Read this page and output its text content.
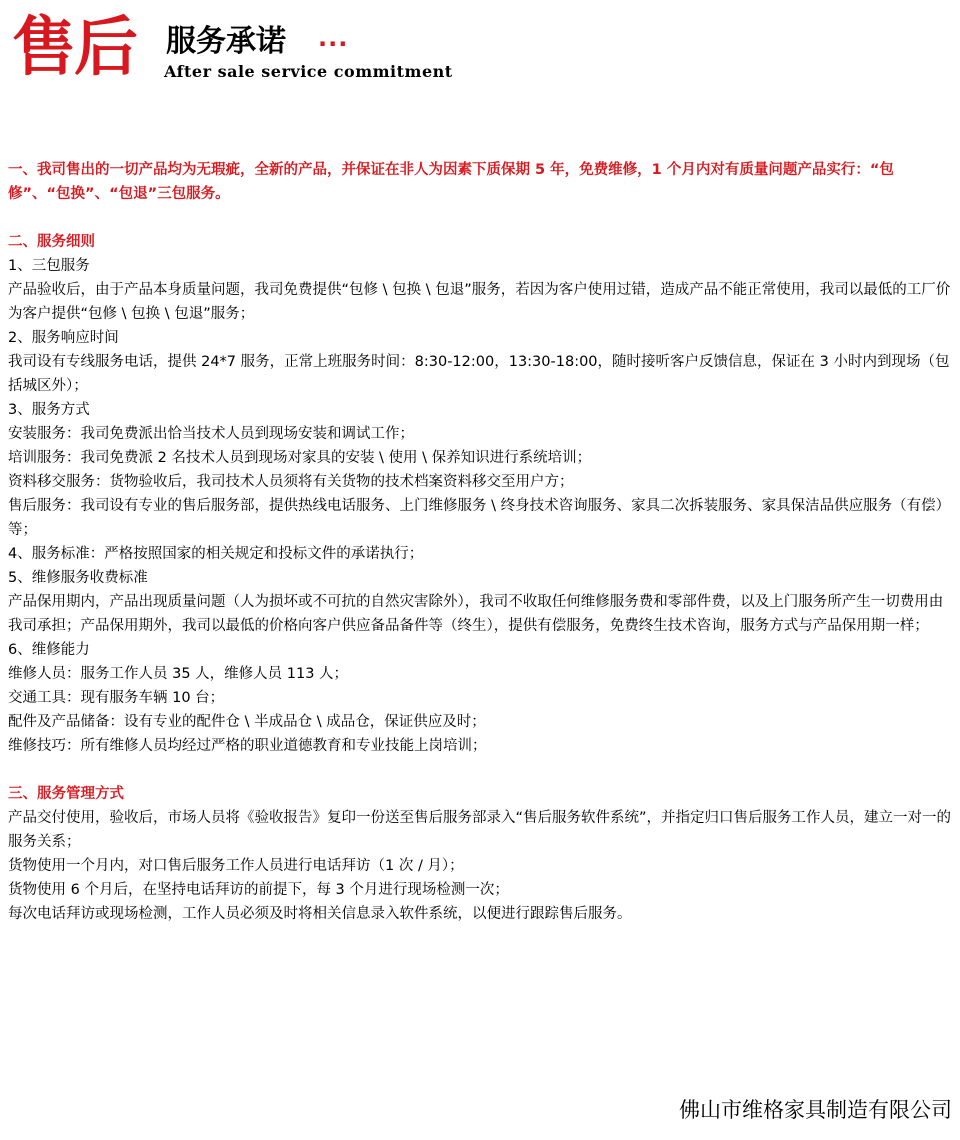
售后 服务承诺 ···
After sale service commitment

一、我司售出的一切产品均为无瑕疵，全新的产品，并保证在非人为因素下质保期 5 年，免费维修，1 个月内对有质量问题产品实行：“包修”、“包换”、“包退”三包服务。

二、服务细则

1、三包服务

产品验收后，由于产品本身质量问题，我司免费提供“包修 \ 包换 \ 包退”服务，若因为客户使用过错，造成产品不能正常使用，我司以最低的工厂价为客户提供“包修 \ 包换 \ 包退”服务；

2、服务响应时间

我司设有专线服务电话，提供 24*7 服务，正常上班服务时间：8:30-12:00，13:30-18:00，随时接听客户反馈信息，保证在 3 小时内到现场（包括城区外）；

3、服务方式

安装服务：我司免费派出恰当技术人员到现场安装和调试工作；

培训服务：我司免费派 2 名技术人员到现场对家具的安装 \ 使用 \ 保养知识进行系统培训；

资料移交服务：货物验收后，我司技术人员须将有关货物的技术档案资料移交至用户方；

售后服务：我司设有专业的售后服务部，提供热线电话服务、上门维修服务 \ 终身技术咨询服务、家具二次拆装服务、家具保洁品供应服务（有偿）等；

4、服务标准：严格按照国家的相关规定和投标文件的承诺执行；

5、维修服务收费标准

产品保用期内，产品出现质量问题（人为损坏或不可抗的自然灾害除外），我司不收取任何维修服务费和零部件费，以及上门服务所产生一切费用由我司承担；产品保用期外，我司以最低的价格向客户供应备品备件等（终生），提供有偿服务，免费终生技术咨询，服务方式与产品保用期一样；

6、维修能力

维修人员：服务工作人员 35 人，维修人员 113 人；

交通工具：现有服务车辆 10 台；

配件及产品储备：设有专业的配件仓 \ 半成品仓 \ 成品仓，保证供应及时；

维修技巧：所有维修人员均经过严格的职业道德教育和专业技能上岗培训；

三、服务管理方式

产品交付使用，验收后，市场人员将《验收报告》复印一份送至售后服务部录入“售后服务软件系统”，并指定归口售后服务工作人员，建立一对一的服务关系；

货物使用一个月内，对口售后服务工作人员进行电话拜访（1 次 / 月）；

货物使用 6 个月后，在坚持电话拜访的前提下，每 3 个月进行现场检测一次；

每次电话拜访或现场检测，工作人员必须及时将相关信息录入软件系统，以便进行跟踪售后服务。

佛山市维格家具制造有限公司
